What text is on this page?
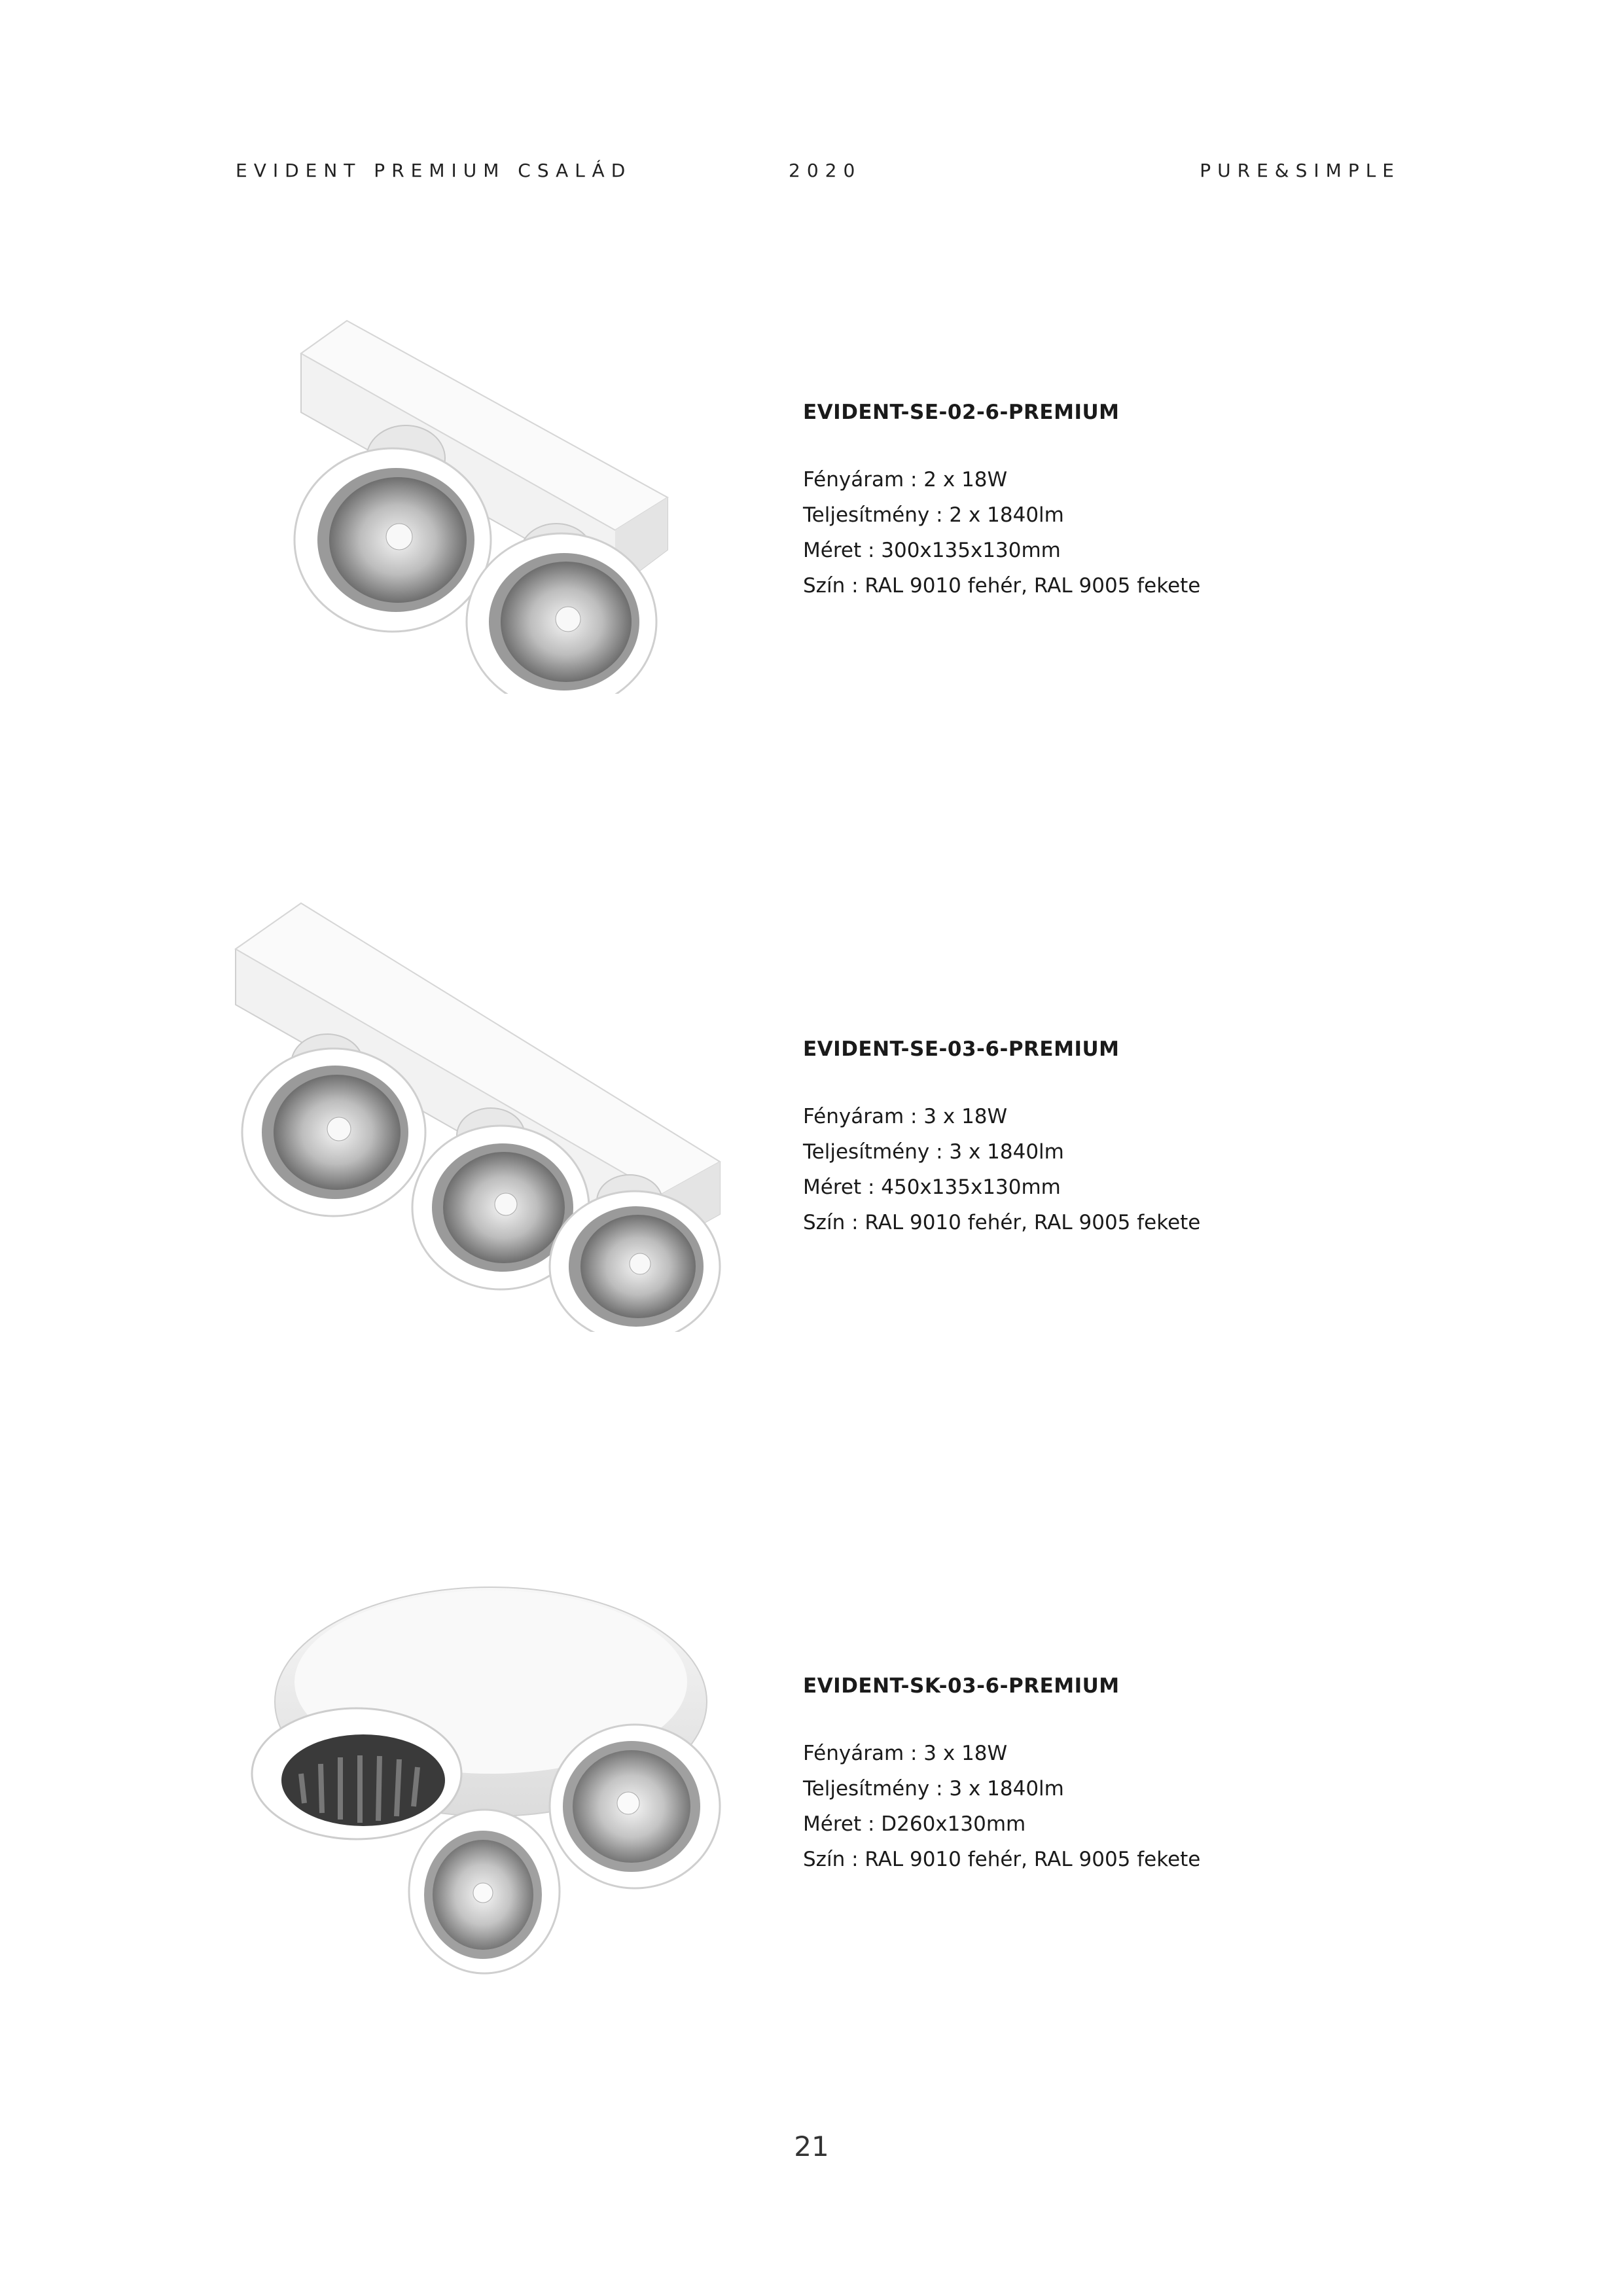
EVIDENT PREMIUM CSALÁD	2020	PURE&SIMPLE
EVIDENT-SE-02-6-PREMIUM
Fényáram : 2 x 18W
Teljesítmény : 2 x 1840lm
Méret : 300x135x130mm
Szín : RAL 9010 fehér, RAL 9005 fekete
EVIDENT-SE-03-6-PREMIUM
Fényáram : 3 x 18W
Teljesítmény : 3 x 1840lm
Méret : 450x135x130mm
Szín : RAL 9010 fehér, RAL 9005 fekete
EVIDENT-SK-03-6-PREMIUM
Fényáram : 3 x 18W
Teljesítmény : 3 x 1840lm
Méret : D260x130mm
Szín : RAL 9010 fehér, RAL 9005 fekete
21
